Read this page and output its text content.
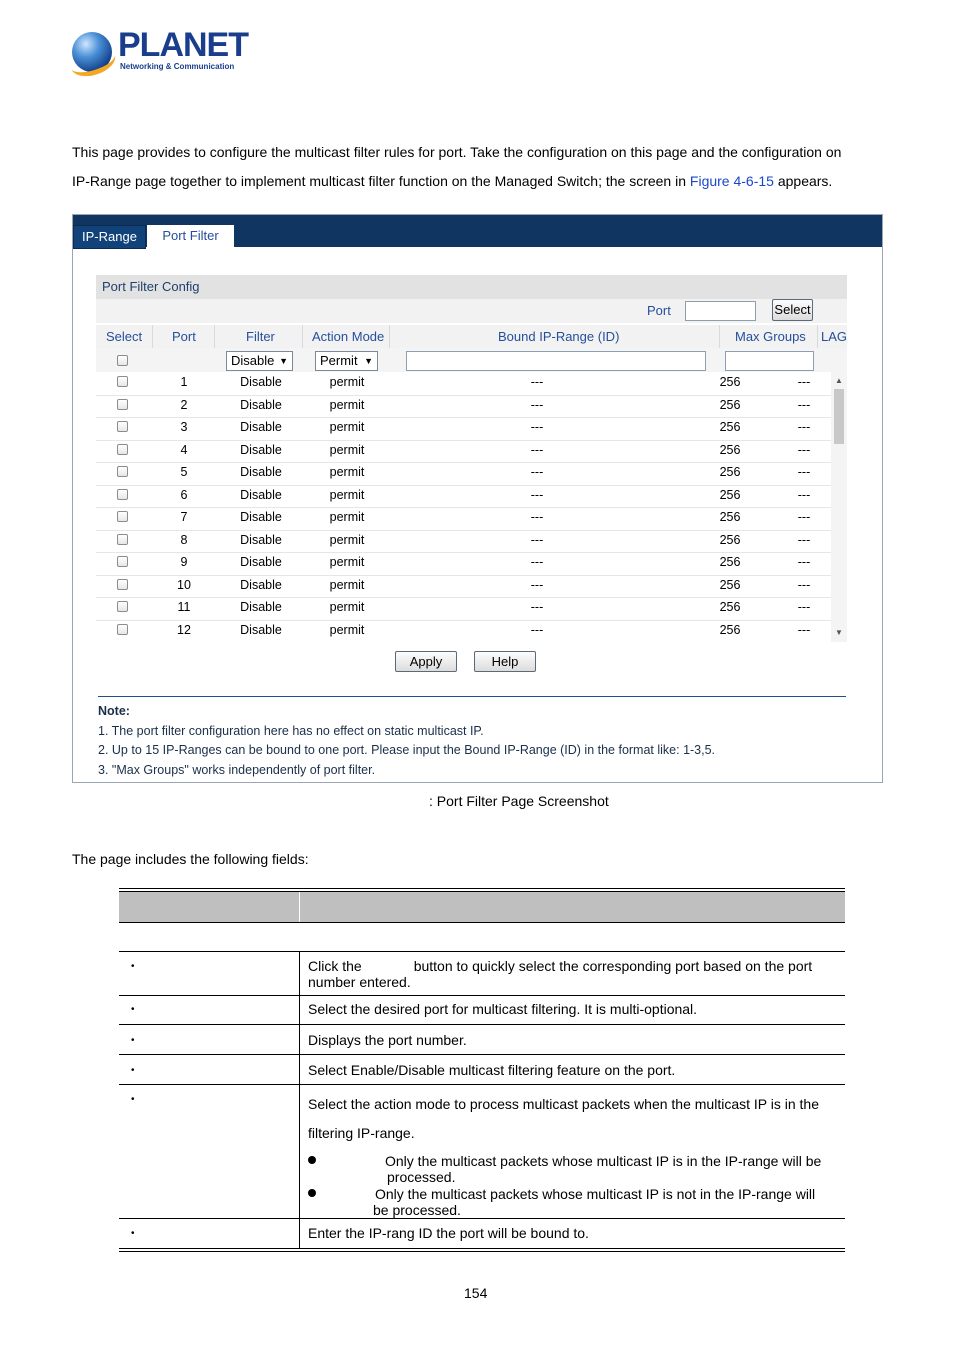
PLANET
Networking & Communication
This page provides to configure the multicast filter rules for port. Take the configuration on this page and the configuration on
IP-Range page together to implement multicast filter function on the Managed Switch; the screen in Figure 4-6-15 appears.
IP-Range	Port Filter
Port Filter Config
Port	Select
Select Port	Filter	Action Mode	Bound IP-Range (ID)	Max Groups LAG
Disable ▼	Permit ▼
1	Disable	permit	---	256	---
2	Disable	permit	---	256	---
3	Disable	permit	---	256	---
4	Disable	permit	---	256	---
5	Disable	permit	---	256	---
6	Disable	permit	---	256	---
7	Disable	permit	---	256	---
8	Disable	permit	---	256	---
9	Disable	permit	---	256	---
10	Disable	permit	---	256	---
11	Disable	permit	---	256	---
12	Disable	permit	---	256	---
▲
▼
Apply	Help
Note:
1. The port filter configuration here has no effect on static multicast IP.
2. Up to 15 IP-Ranges can be bound to one port. Please input the Bound IP-Range (ID) in the format like: 1-3,5.
3. "Max Groups" works independently of port filter.
: Port Filter Page Screenshot
The page includes the following fields:
•	Click the	button to quickly select the corresponding port based on the port
number entered.
•	Select the desired port for multicast filtering. It is multi-optional.
•	Displays the port number.
•	Select Enable/Disable multicast filtering feature on the port.
•	Select the action mode to process multicast packets when the multicast IP is in the
filtering IP-range.
Only the multicast packets whose multicast IP is in the IP-range will be
processed.
Only the multicast packets whose multicast IP is not in the IP-range will
be processed.
•	Enter the IP-rang ID the port will be bound to.
154
